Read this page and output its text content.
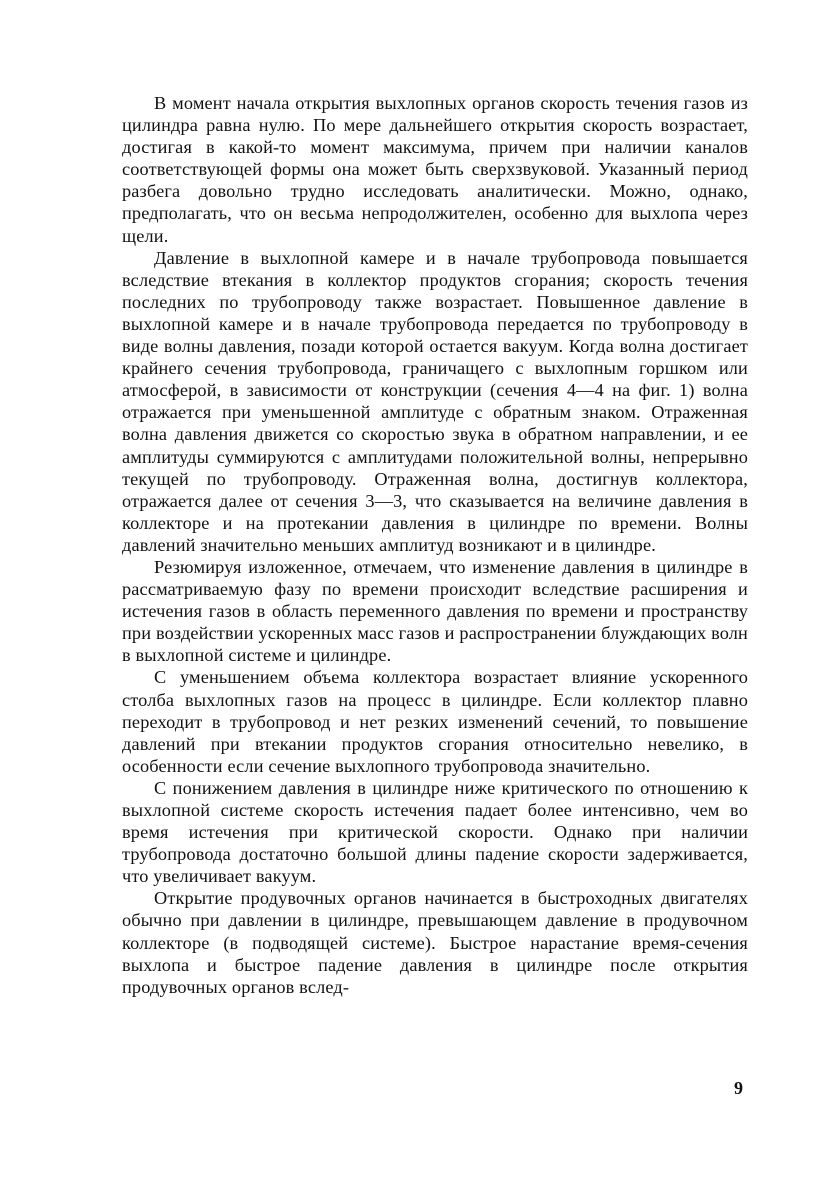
В момент начала открытия выхлопных органов скорость течения газов из цилиндра равна нулю. По мере дальнейшего открытия скорость возрастает, достигая в какой-то момент максимума, причем при наличии каналов соответствующей формы она может быть сверхзвуковой. Указанный период разбега довольно трудно исследовать аналитически. Можно, однако, предполагать, что он весьма непродолжителен, особенно для выхлопа через щели.

Давление в выхлопной камере и в начале трубопровода повышается вследствие втекания в коллектор продуктов сгорания; скорость течения последних по трубопроводу также возрастает. Повышенное давление в выхлопной камере и в начале трубопровода передается по трубопроводу в виде волны давления, позади которой остается вакуум. Когда волна достигает крайнего сечения трубопровода, граничащего с выхлопным горшком или атмосферой, в зависимости от конструкции (сечения 4—4 на фиг. 1) волна отражается при уменьшенной амплитуде с обратным знаком. Отраженная волна давления движется со скоростью звука в обратном направлении, и ее амплитуды суммируются с амплитудами положительной волны, непрерывно текущей по трубопроводу. Отраженная волна, достигнув коллектора, отражается далее от сечения 3—3, что сказывается на величине давления в коллекторе и на протекании давления в цилиндре по времени. Волны давлений значительно меньших амплитуд возникают и в цилиндре.

Резюмируя изложенное, отмечаем, что изменение давления в цилиндре в рассматриваемую фазу по времени происходит вследствие расширения и истечения газов в область переменного давления по времени и пространству при воздействии ускоренных масс газов и распространении блуждающих волн в выхлопной системе и цилиндре.

С уменьшением объема коллектора возрастает влияние ускоренного столба выхлопных газов на процесс в цилиндре. Если коллектор плавно переходит в трубопровод и нет резких изменений сечений, то повышение давлений при втекании продуктов сгорания относительно невелико, в особенности если сечение выхлопного трубопровода значительно.

С понижением давления в цилиндре ниже критического по отношению к выхлопной системе скорость истечения падает более интенсивно, чем во время истечения при критической скорости. Однако при наличии трубопровода достаточно большой длины падение скорости задерживается, что увеличивает вакуум.

Открытие продувочных органов начинается в быстроходных двигателях обычно при давлении в цилиндре, превышающем давление в продувочном коллекторе (в подводящей системе). Быстрое нарастание время-сечения выхлопа и быстрое падение давления в цилиндре после открытия продувочных органов вслед-

9
